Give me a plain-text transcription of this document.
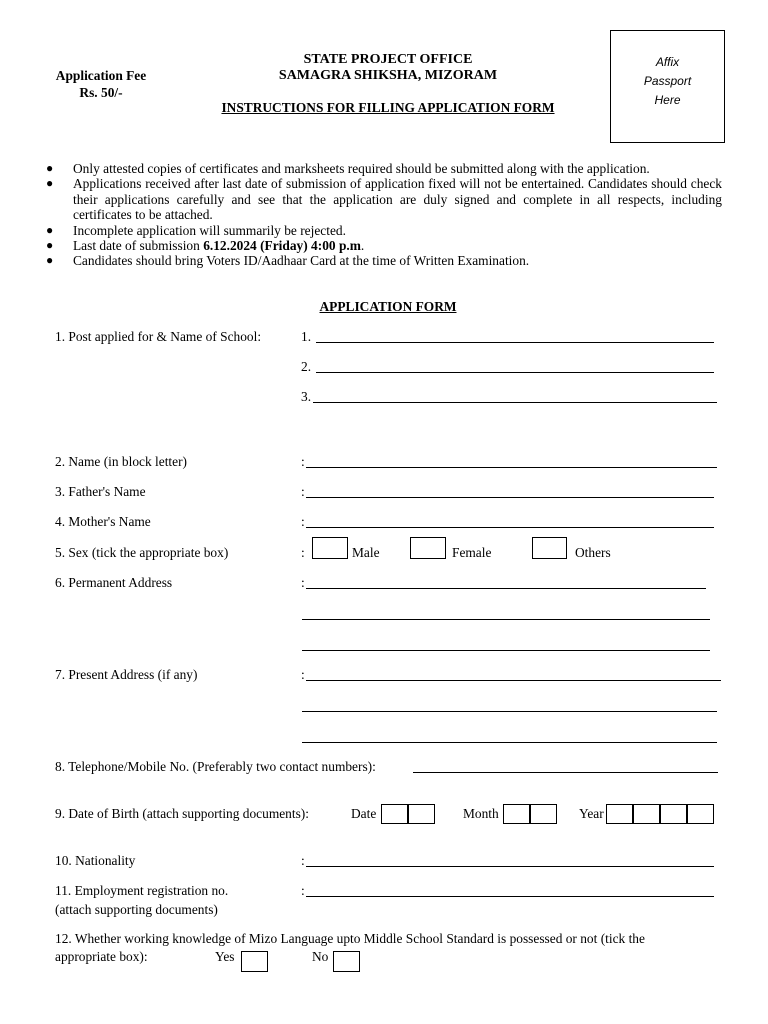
Application Fee
Rs. 50/-
STATE PROJECT OFFICE
SAMAGRA SHIKSHA, MIZORAM
INSTRUCTIONS FOR FILLING APPLICATION FORM
Affix
Passport
Here
●	Only attested copies of certificates and marksheets required should be submitted along with the application.
●	Applications received after last date of submission of application fixed will not be entertained. Candidates should check their applications carefully and see that the application are duly signed and complete in all respects, including certificates to be attached.
●	Incomplete application will summarily be rejected.
●	Last date of submission 6.12.2024 (Friday) 4:00 p.m.
●	Candidates should bring Voters ID/Aadhaar Card at the time of Written Examination.
APPLICATION FORM
1. Post applied for & Name of School:	1.
2.
3.
2. Name (in block letter)	:
3. Father's Name	:
4. Mother's Name	:
5. Sex (tick the appropriate box)	:	Male	Female	Others
6. Permanent Address	:
7. Present Address (if any)	:
8. Telephone/Mobile No. (Preferably two contact numbers):
9. Date of Birth (attach supporting documents):	Date	Month	Year
10. Nationality	:
11. Employment registration no.
(attach supporting documents)
:
12. Whether working knowledge of Mizo Language upto Middle School Standard is possessed or not (tick the
appropriate box):	Yes	No
